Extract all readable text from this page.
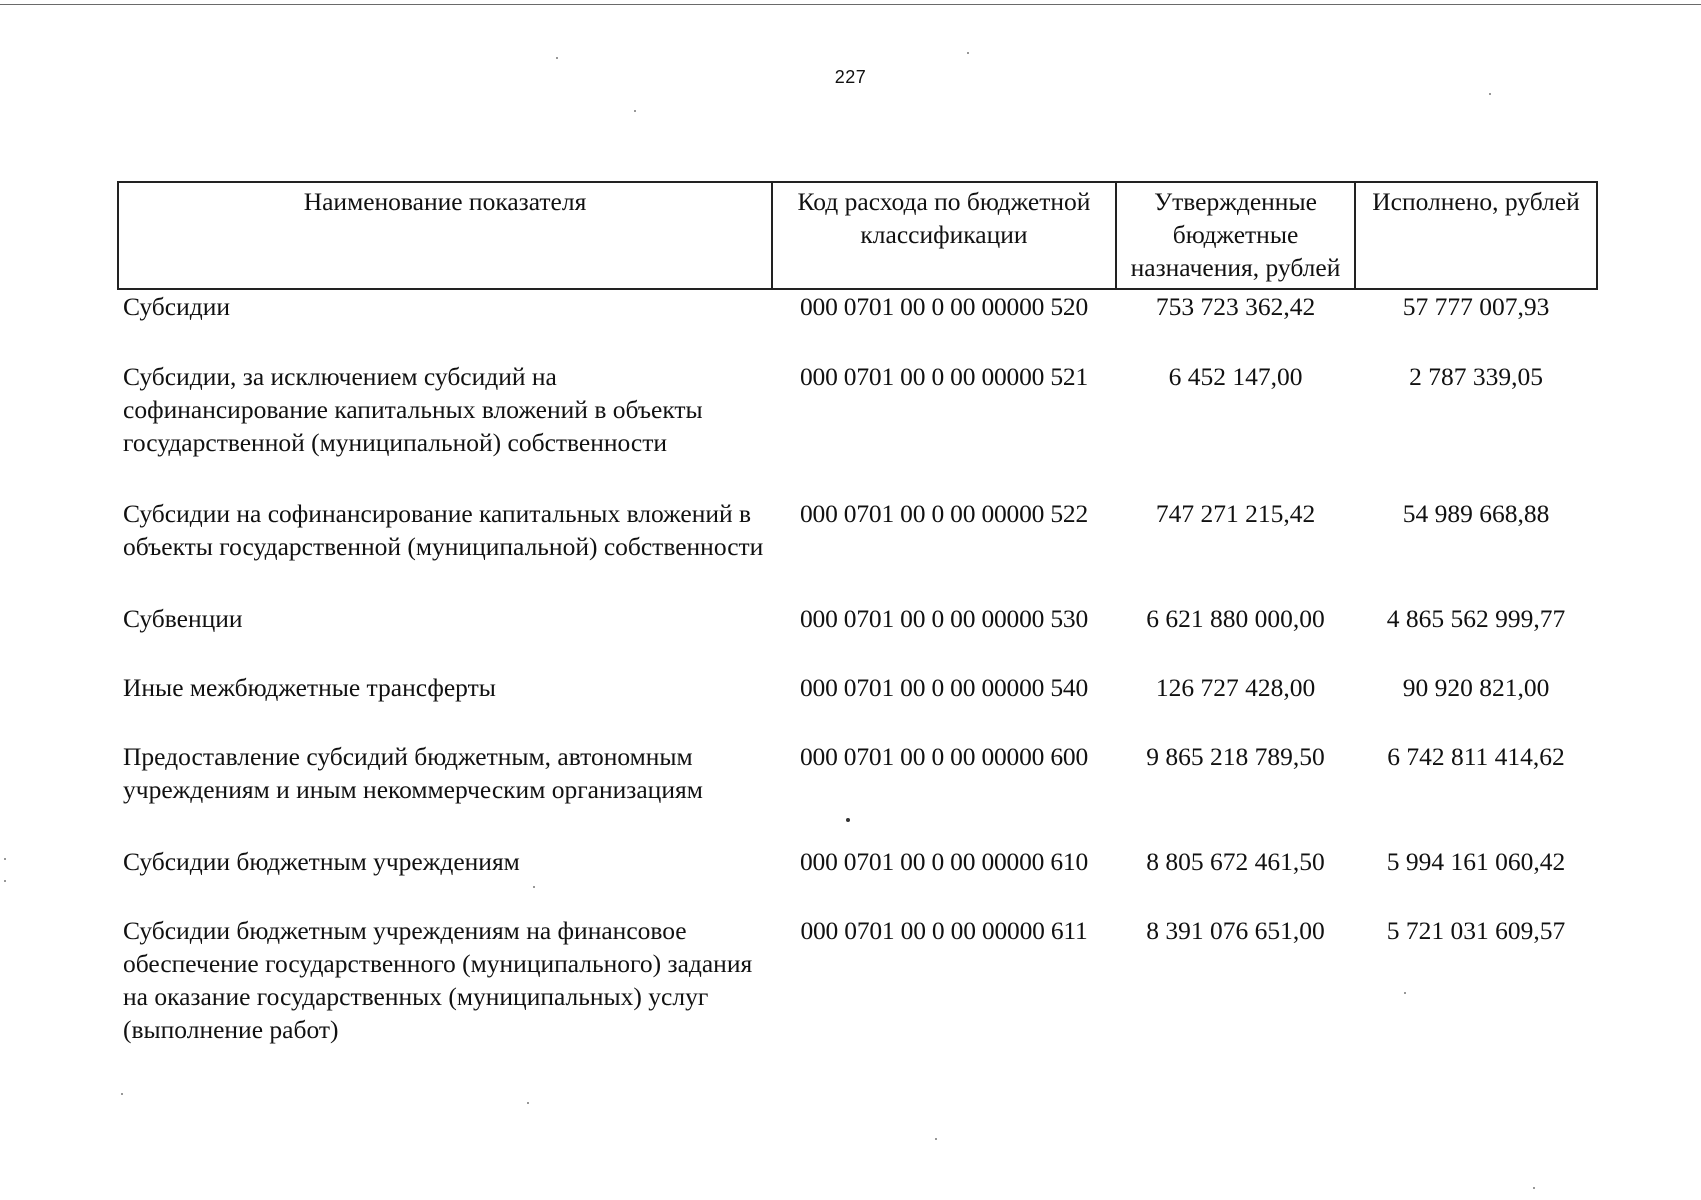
227
Наименование показателя	Код расхода по бюджетной классификации	Утвержденные бюджетные назначения, рублей	Исполнено, рублей
Субсидии	000 0701 00 0 00 00000 520	753 723 362,42	57 777 007,93
Субсидии, за исключением субсидий на софинансирование капитальных вложений в объекты государственной (муниципальной) собственности	000 0701 00 0 00 00000 521	6 452 147,00	2 787 339,05
Субсидии на софинансирование капитальных вложений в объекты государственной (муниципальной) собственности	000 0701 00 0 00 00000 522	747 271 215,42	54 989 668,88
Субвенции	000 0701 00 0 00 00000 530	6 621 880 000,00	4 865 562 999,77
Иные межбюджетные трансферты	000 0701 00 0 00 00000 540	126 727 428,00	90 920 821,00
Предоставление субсидий бюджетным, автономным учреждениям и иным некоммерческим организациям	000 0701 00 0 00 00000 600	9 865 218 789,50	6 742 811 414,62
Субсидии бюджетным учреждениям	000 0701 00 0 00 00000 610	8 805 672 461,50	5 994 161 060,42
Субсидии бюджетным учреждениям на финансовое обеспечение государственного (муниципального) задания на оказание государственных (муниципальных) услуг (выполнение работ)	000 0701 00 0 00 00000 611	8 391 076 651,00	5 721 031 609,57
